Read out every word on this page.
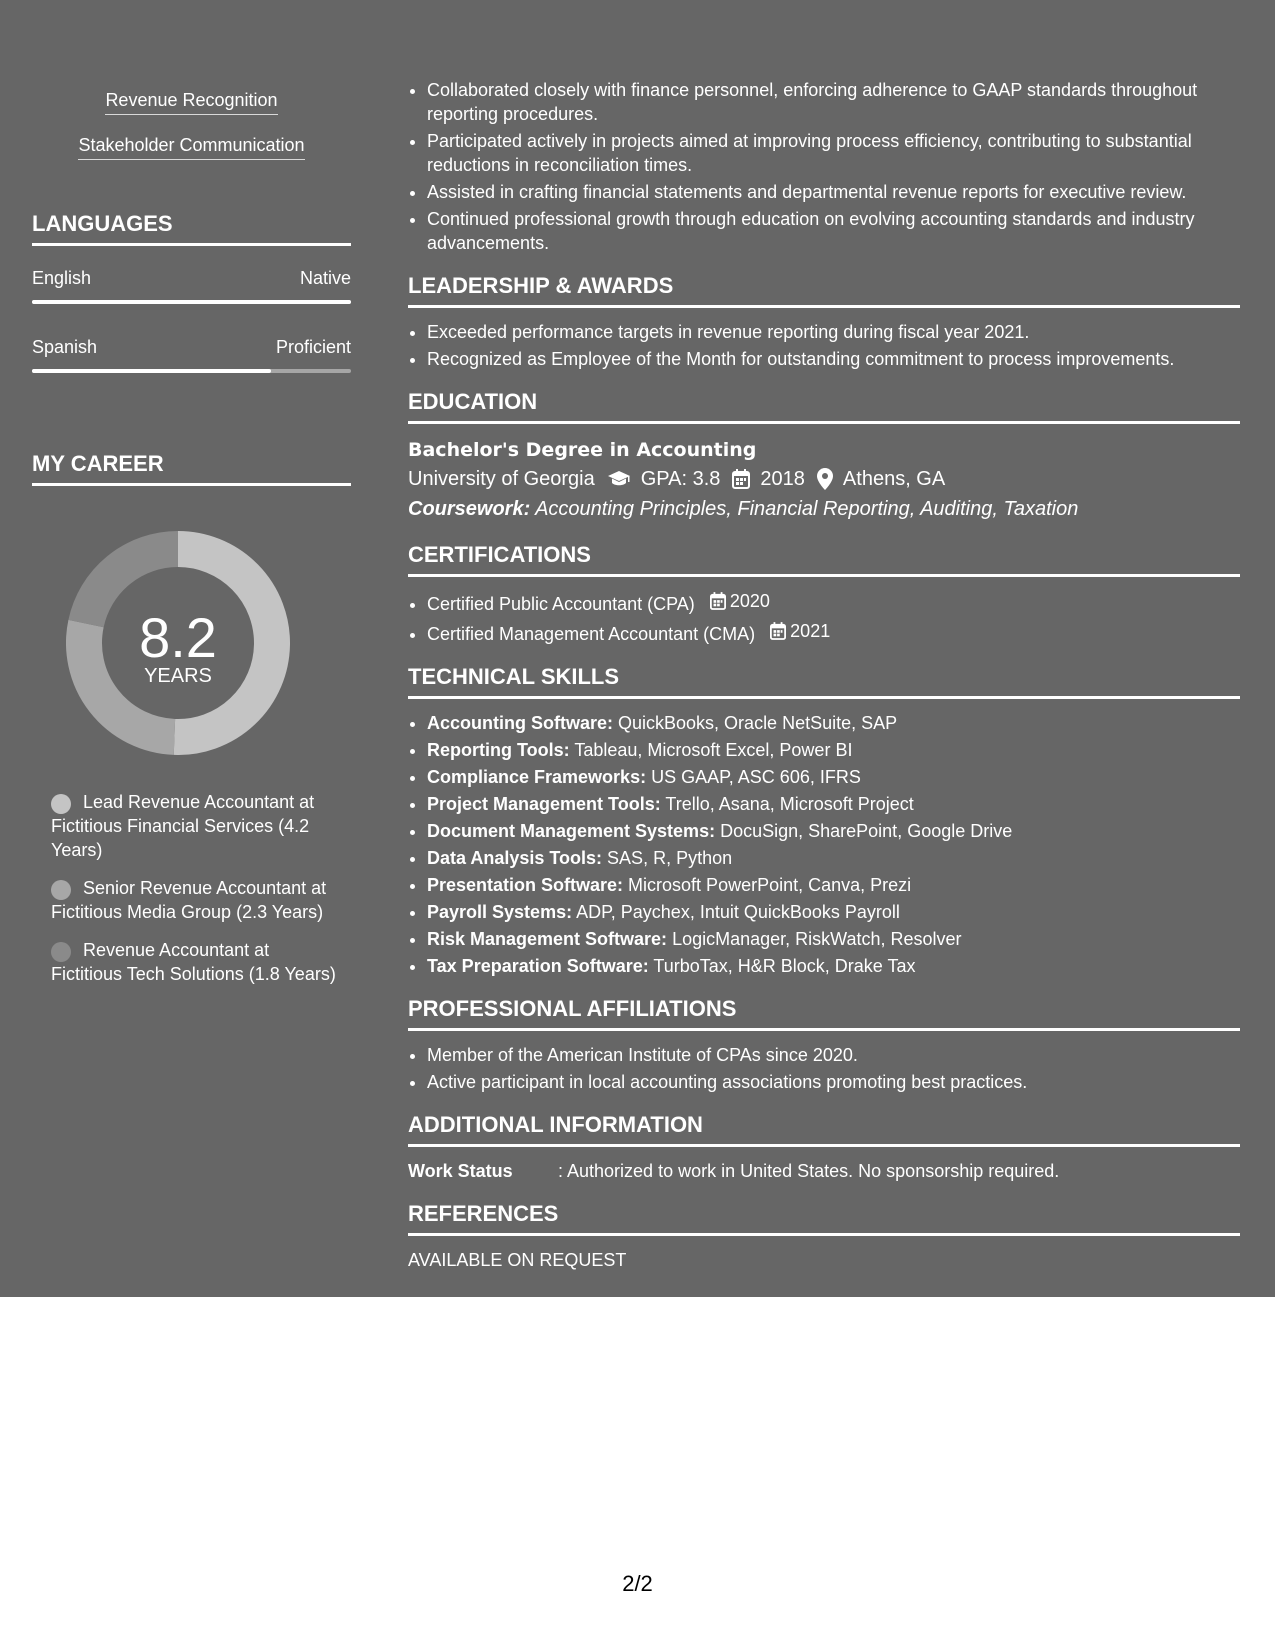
Revenue Recognition
Stakeholder Communication
LANGUAGES
English	Native
Spanish	Proficient
MY CAREER
8.2
YEARS
Lead Revenue Accountant at Fictitious Financial Services (4.2 Years)
Senior Revenue Accountant at Fictitious Media Group (2.3 Years)
Revenue Accountant at Fictitious Tech Solutions (1.8 Years)
• Collaborated closely with finance personnel, enforcing adherence to GAAP standards throughout reporting procedures.
• Participated actively in projects aimed at improving process efficiency, contributing to substantial reductions in reconciliation times.
• Assisted in crafting financial statements and departmental revenue reports for executive review.
• Continued professional growth through education on evolving accounting standards and industry advancements.
LEADERSHIP & AWARDS
• Exceeded performance targets in revenue reporting during fiscal year 2021.
• Recognized as Employee of the Month for outstanding commitment to process improvements.
EDUCATION
Bachelor's Degree in Accounting
University of Georgia GPA: 3.8 2018 Athens, GA
Coursework: Accounting Principles, Financial Reporting, Auditing, Taxation
CERTIFICATIONS
• Certified Public Accountant (CPA) 2020
• Certified Management Accountant (CMA) 2021
TECHNICAL SKILLS
• Accounting Software: QuickBooks, Oracle NetSuite, SAP
• Reporting Tools: Tableau, Microsoft Excel, Power BI
• Compliance Frameworks: US GAAP, ASC 606, IFRS
• Project Management Tools: Trello, Asana, Microsoft Project
• Document Management Systems: DocuSign, SharePoint, Google Drive
• Data Analysis Tools: SAS, R, Python
• Presentation Software: Microsoft PowerPoint, Canva, Prezi
• Payroll Systems: ADP, Paychex, Intuit QuickBooks Payroll
• Risk Management Software: LogicManager, RiskWatch, Resolver
• Tax Preparation Software: TurboTax, H&R Block, Drake Tax
PROFESSIONAL AFFILIATIONS
• Member of the American Institute of CPAs since 2020.
• Active participant in local accounting associations promoting best practices.
ADDITIONAL INFORMATION
Work Status	: Authorized to work in United States. No sponsorship required.
REFERENCES
AVAILABLE ON REQUEST
2/2
